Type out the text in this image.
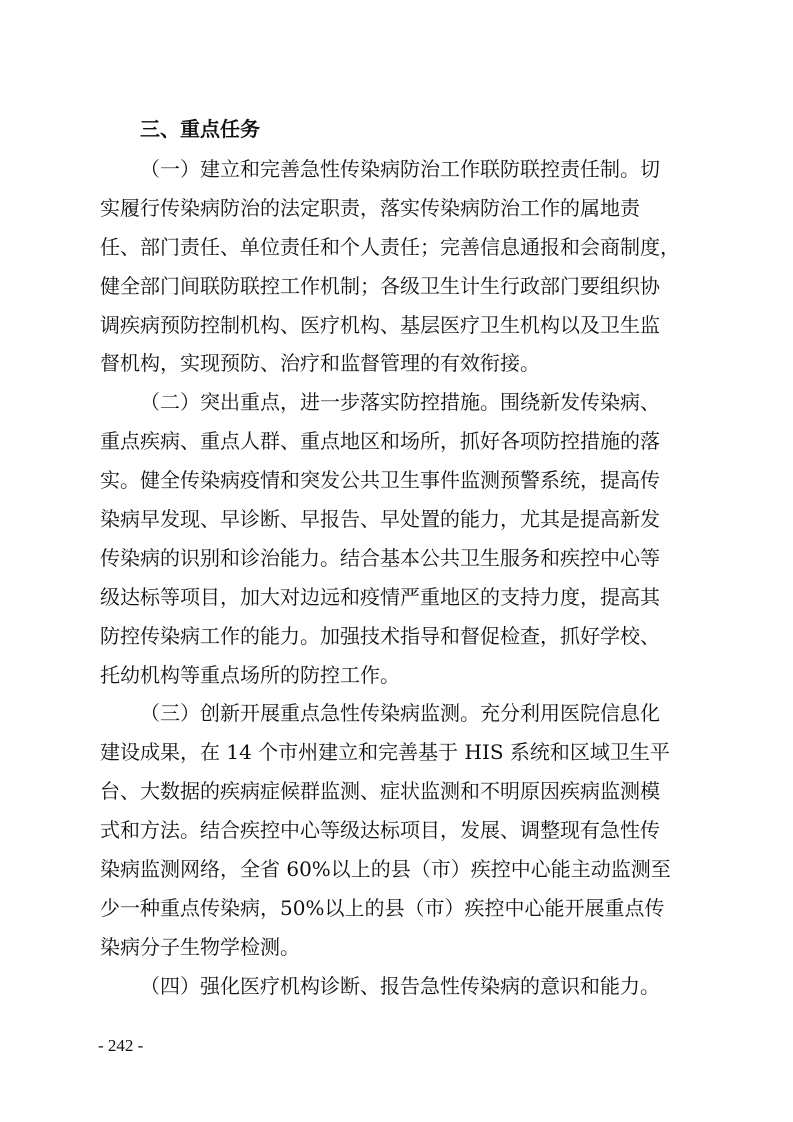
三、重点任务
（一）建立和完善急性传染病防治工作联防联控责任制。切
实履行传染病防治的法定职责，落实传染病防治工作的属地责
任、部门责任、单位责任和个人责任；完善信息通报和会商制度，
健全部门间联防联控工作机制；各级卫生计生行政部门要组织协
调疾病预防控制机构、医疗机构、基层医疗卫生机构以及卫生监
督机构，实现预防、治疗和监督管理的有效衔接。
（二）突出重点，进一步落实防控措施。围绕新发传染病、
重点疾病、重点人群、重点地区和场所，抓好各项防控措施的落
实。健全传染病疫情和突发公共卫生事件监测预警系统，提高传
染病早发现、早诊断、早报告、早处置的能力，尤其是提高新发
传染病的识别和诊治能力。结合基本公共卫生服务和疾控中心等
级达标等项目，加大对边远和疫情严重地区的支持力度，提高其
防控传染病工作的能力。加强技术指导和督促检查，抓好学校、
托幼机构等重点场所的防控工作。
（三）创新开展重点急性传染病监测。充分利用医院信息化
建设成果，在 14 个市州建立和完善基于 HIS 系统和区域卫生平
台、大数据的疾病症候群监测、症状监测和不明原因疾病监测模
式和方法。结合疾控中心等级达标项目，发展、调整现有急性传
染病监测网络，全省 60%以上的县（市）疾控中心能主动监测至
少一种重点传染病，50%以上的县（市）疾控中心能开展重点传
染病分子生物学检测。
（四）强化医疗机构诊断、报告急性传染病的意识和能力。
- 242 -
